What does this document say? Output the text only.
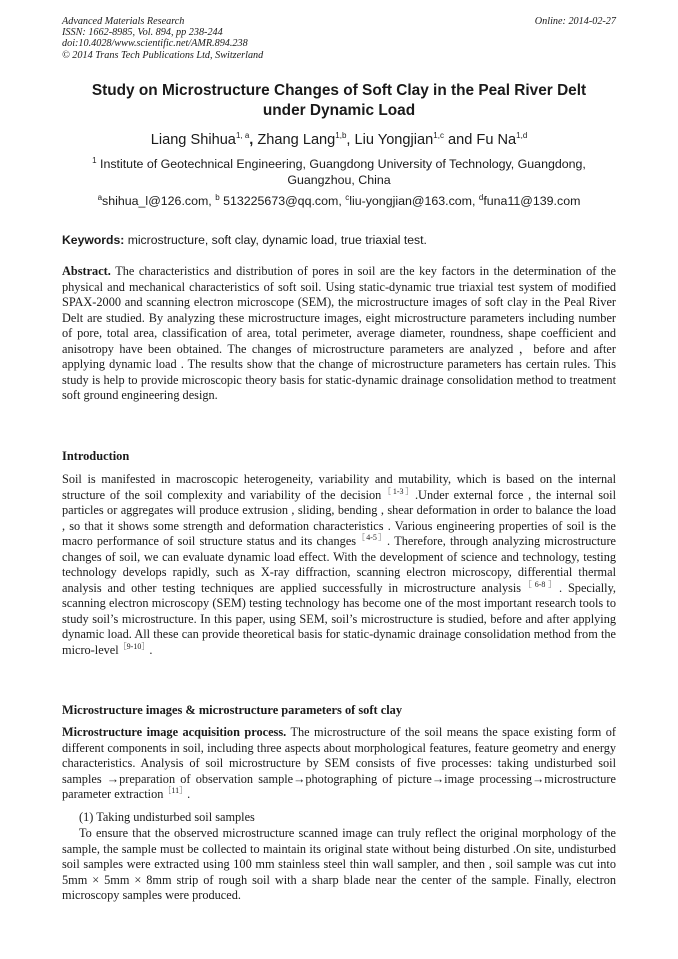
Advanced Materials Research
ISSN: 1662-8985, Vol. 894, pp 238-244
doi:10.4028/www.scientific.net/AMR.894.238
© 2014 Trans Tech Publications Ltd, Switzerland
Online: 2014-02-27
Study on Microstructure Changes of Soft Clay in the Peal River Delt
under Dynamic Load
Liang Shihua$^{1, a}$, Zhang Lang$^{1,b}$, Liu Yongjian$^{1,c}$ and Fu Na$^{1,d}$
$^1$ Institute of Geotechnical Engineering, Guangdong University of Technology, Guangdong,
Guangzhou, China
$^a$shihua_l@126.com, $^b$ 513225673@qq.com, $^c$liu-yongjian@163.com, $^d$funa11@139.com
Keywords: microstructure, soft clay, dynamic load, true triaxial test.
Abstract. The characteristics and distribution of pores in soil are the key factors in the determination of the physical and mechanical characteristics of soft soil. Using static-dynamic true triaxial test system of modified SPAX-2000 and scanning electron microscope (SEM), the microstructure images of soft clay in the Peal River Delt are studied. By analyzing these microstructure images, eight microstructure parameters including number of pore, total area, classification of area, total perimeter, average diameter, roundness, shape coefficient and anisotropy have been obtained. The changes of microstructure parameters are analyzed ，before and after applying dynamic load . The results show that the change of microstructure parameters has certain rules. This study is help to provide microscopic theory basis for static-dynamic drainage consolidation method to treatment soft ground engineering design.
Introduction
Soil is manifested in macroscopic heterogeneity, variability and mutability, which is based on the internal structure of the soil complexity and variability of the decision$^{[1-3]}$.Under external force , the internal soil particles or aggregates will produce extrusion , sliding, bending , shear deformation in order to balance the load , so that it shows some strength and deformation characteristics . Various engineering properties of soil is the macro performance of soil structure status and its changes$^{[4-5]}$. Therefore, through analyzing microstructure changes of soil, we can evaluate dynamic load effect. With the development of science and technology, testing technology develops rapidly, such as X-ray diffraction, scanning electron microscopy, differential thermal analysis and other testing techniques are applied successfully in microstructure analysis$^{[6-8]}$. Specially, scanning electron microscopy (SEM) testing technology has become one of the most important research tools to study soil’s microstructure. In this paper, using SEM, soil’s microstructure is studied, before and after applying dynamic load. All these can provide theoretical basis for static-dynamic drainage consolidation method from the micro-level$^{[9-10]}$.
Microstructure images & microstructure parameters of soft clay
Microstructure image acquisition process. The microstructure of the soil means the space existing form of different components in soil, including three aspects about morphological features, feature geometry and energy characteristics. Analysis of soil microstructure by SEM consists of five processes: taking undisturbed soil samples →preparation of observation sample→photographing of picture→image processing→microstructure parameter extraction$^{[11]}$.
(1) Taking undisturbed soil samples
To ensure that the observed microstructure scanned image can truly reflect the original morphology of the sample, the sample must be collected to maintain its original state without being disturbed .On site, undisturbed soil samples were extracted using 100 mm stainless steel thin wall sampler, and then , soil sample was cut into 5mm × 5mm × 8mm strip of rough soil with a sharp blade near the center of the sample. Finally, electron microscopy samples were produced.
